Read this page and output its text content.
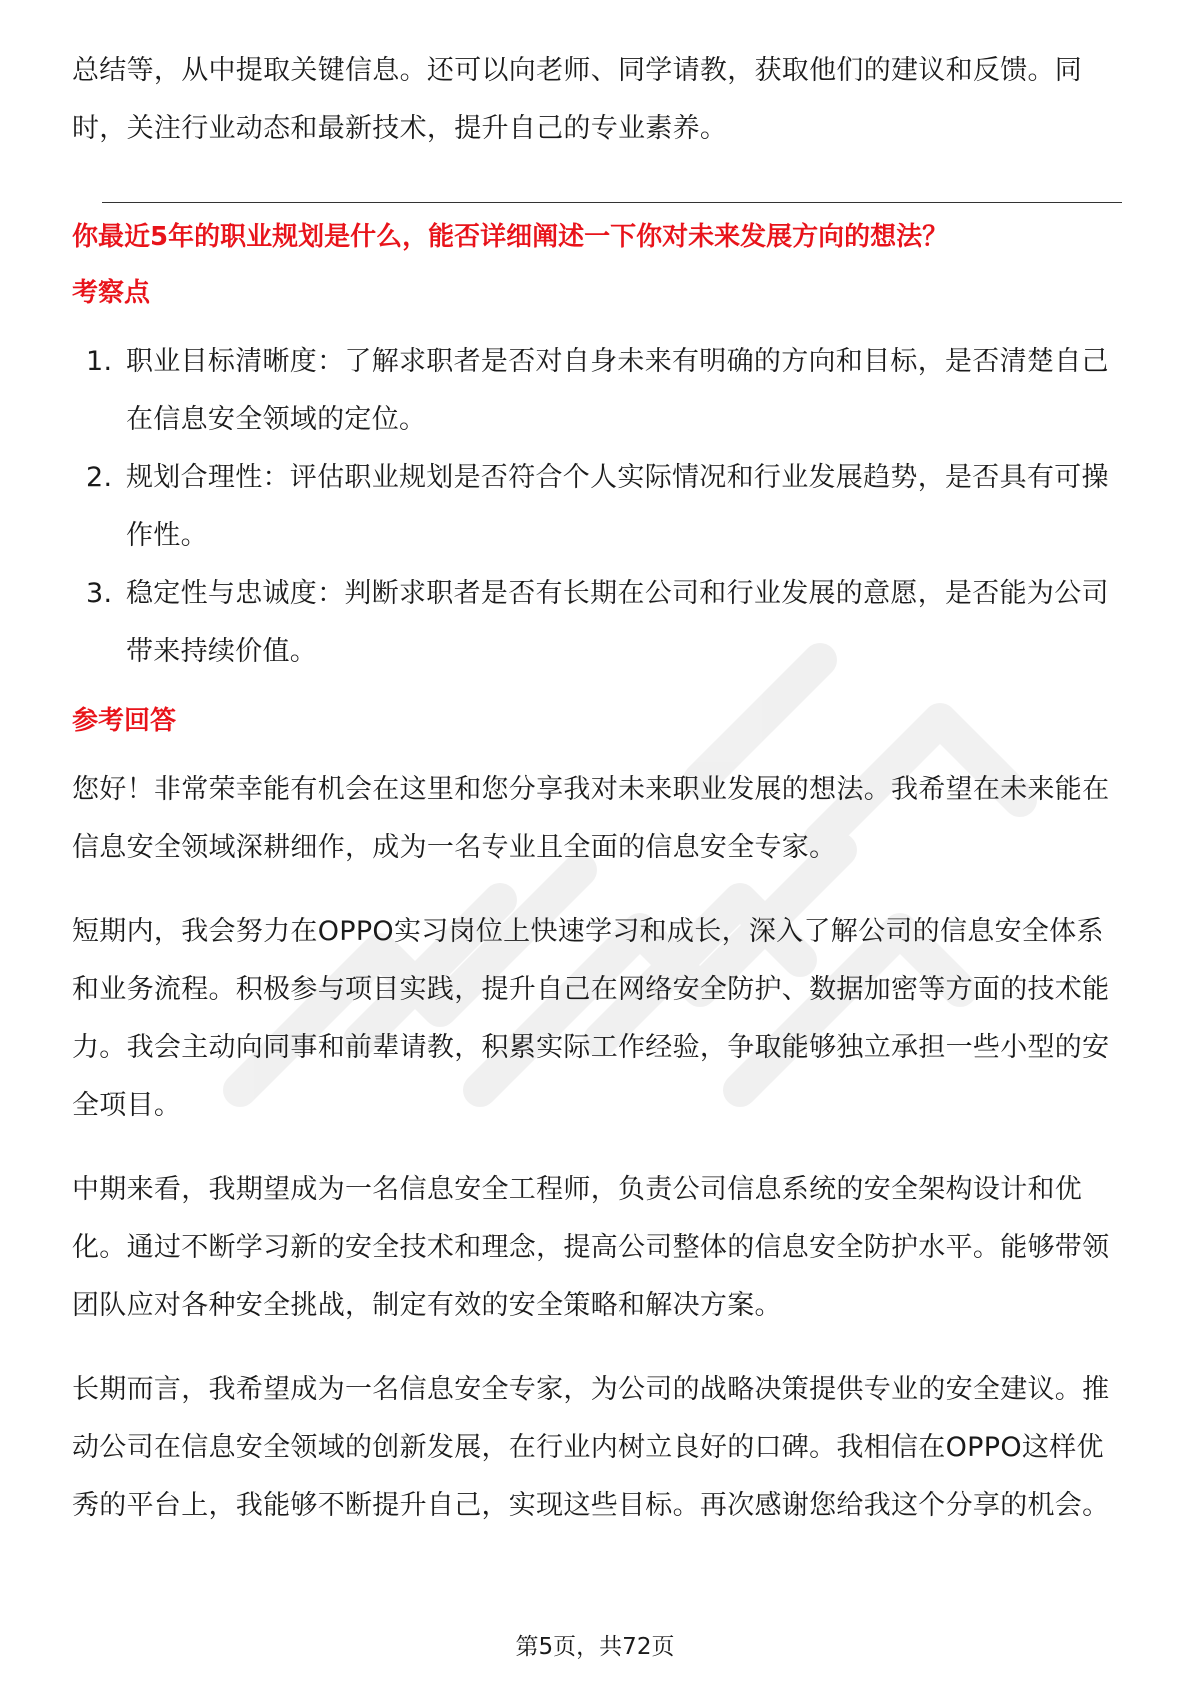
总结等，从中提取关键信息。还可以向老师、同学请教，获取他们的建议和反馈。同时，关注行业动态和最新技术，提升自己的专业素养。

你最近5年的职业规划是什么，能否详细阐述一下你对未来发展方向的想法？
考察点
1. 职业目标清晰度：了解求职者是否对自身未来有明确的方向和目标，是否清楚自己在信息安全领域的定位。
2. 规划合理性：评估职业规划是否符合个人实际情况和行业发展趋势，是否具有可操作性。
3. 稳定性与忠诚度：判断求职者是否有长期在公司和行业发展的意愿，是否能为公司带来持续价值。
参考回答

您好！非常荣幸能有机会在这里和您分享我对未来职业发展的想法。我希望在未来能在信息安全领域深耕细作，成为一名专业且全面的信息安全专家。

短期内，我会努力在OPPO实习岗位上快速学习和成长，深入了解公司的信息安全体系和业务流程。积极参与项目实践，提升自己在网络安全防护、数据加密等方面的技术能力。我会主动向同事和前辈请教，积累实际工作经验，争取能够独立承担一些小型的安全项目。

中期来看，我期望成为一名信息安全工程师，负责公司信息系统的安全架构设计和优化。通过不断学习新的安全技术和理念，提高公司整体的信息安全防护水平。能够带领团队应对各种安全挑战，制定有效的安全策略和解决方案。

长期而言，我希望成为一名信息安全专家，为公司的战略决策提供专业的安全建议。推动公司在信息安全领域的创新发展，在行业内树立良好的口碑。我相信在OPPO这样优秀的平台上，我能够不断提升自己，实现这些目标。再次感谢您给我这个分享的机会。

第5页，共72页
